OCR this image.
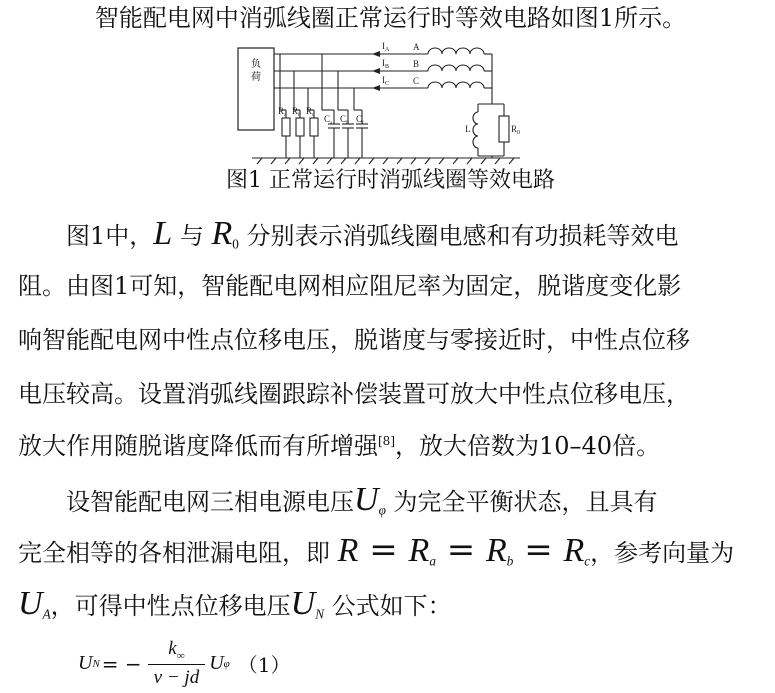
智能配电网中消弧线圈正常运行时等效电路如图1所示。
负
荷
$I_A$
$I_B$
$I_C$
A
B
C
$R_a$ $R_b$ $R_c$ $C_a$ $C_b$ $C_c$
L	$R_0$
图1 正常运行时消弧线圈等效电路
图1中，L 与 $R_0$ 分别表示消弧线圈电感和有功损耗等效电
阻。由图1可知，智能配电网相应阻尼率为固定，脱谐度变化影
响智能配电网中性点位移电压，脱谐度与零接近时，中性点位移
电压较高。设置消弧线圈跟踪补偿装置可放大中性点位移电压，
放大作用随脱谐度降低而有所增强[8]，放大倍数为10–40倍。
设智能配电网三相电源电压$U_\varphi$ 为完全平衡状态，且具有
完全相等的各相泄漏电阻，即 $R = R_a = R_b = R_c$，参考向量为
$U_A$，可得中性点位移电压$U_N$ 公式如下：
U N = − $\frac{k_\infty}{v - jd}$ U φ （1）
